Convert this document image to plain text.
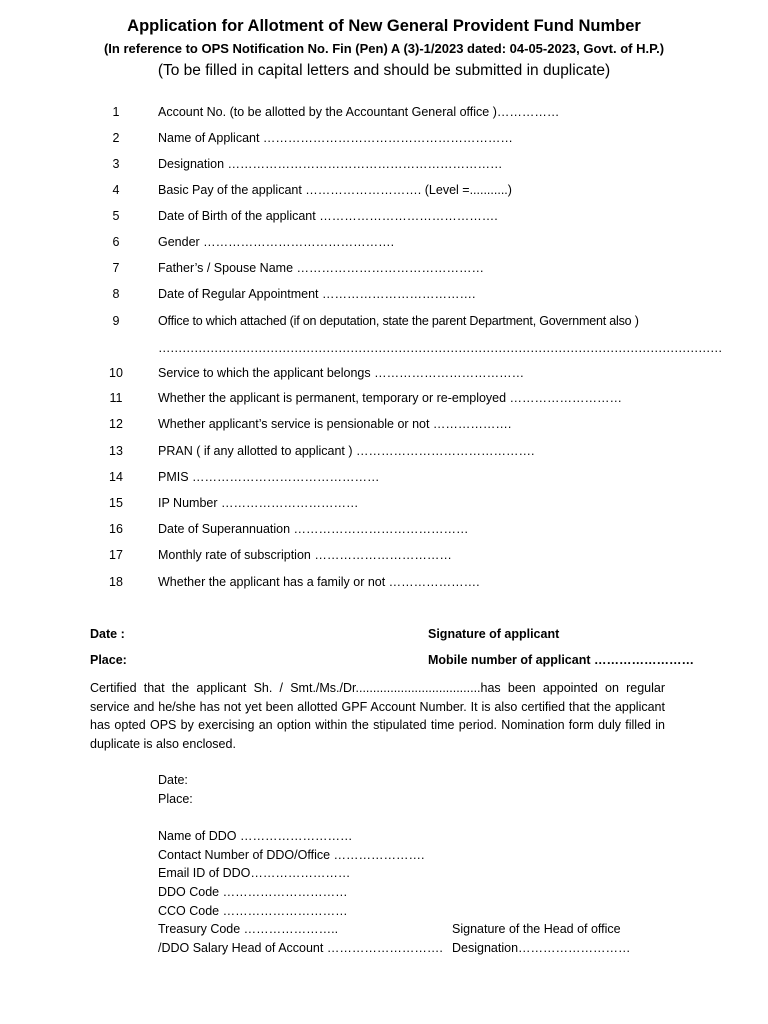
Application for Allotment of New General Provident Fund Number
(In reference to OPS Notification No. Fin (Pen) A (3)-1/2023 dated: 04-05-2023, Govt. of H.P.)
(To be filled in capital letters and should be submitted in duplicate)
1	Account No. (to be allotted by the Accountant General office )……………
2	Name of Applicant ……………………………………………………
3	Designation …………………………………………………………
4	Basic Pay of the applicant ………………………. (Level =...........)
5	Date of Birth of the applicant …………………………………….
6	Gender ……………………………………….
7	Father’s / Spouse Name ………………………………………
8	Date of Regular Appointment ……………………………….
9	Office to which attached (if on deputation, state the parent Department, Government also )
……………………………………………………………………………………………………………………………
10	Service to which the applicant belongs ………………………………
11	Whether the applicant is permanent, temporary or re-employed ………………………
12	Whether applicant’s service is pensionable or not ……………….
13	PRAN ( if any allotted to applicant ) …………………………………….
14	PMIS ………………………………………
15	IP Number ……………………………
16	Date of Superannuation ……………………………………
17	Monthly rate of subscription ……………………………
18	Whether the applicant has a family or not ………………….
Date :
Place:
Signature of applicant
Mobile number of applicant ……………………
Certified that the applicant Sh. / Smt./Ms./Dr....................................has been appointed on regular service and he/she has not yet been allotted GPF Account Number. It is also certified that the applicant has opted OPS by exercising an option within the stipulated time period. Nomination form duly filled in duplicate is also enclosed.
Date:
Place:
Name of DDO ………………………
Contact Number of DDO/Office ………………….
Email ID of DDO……………………
DDO Code …………………………
CCO Code …………………………
Treasury Code …………………..
/DDO Salary Head of Account ……………………….
Signature of the Head of office
Designation………………………
